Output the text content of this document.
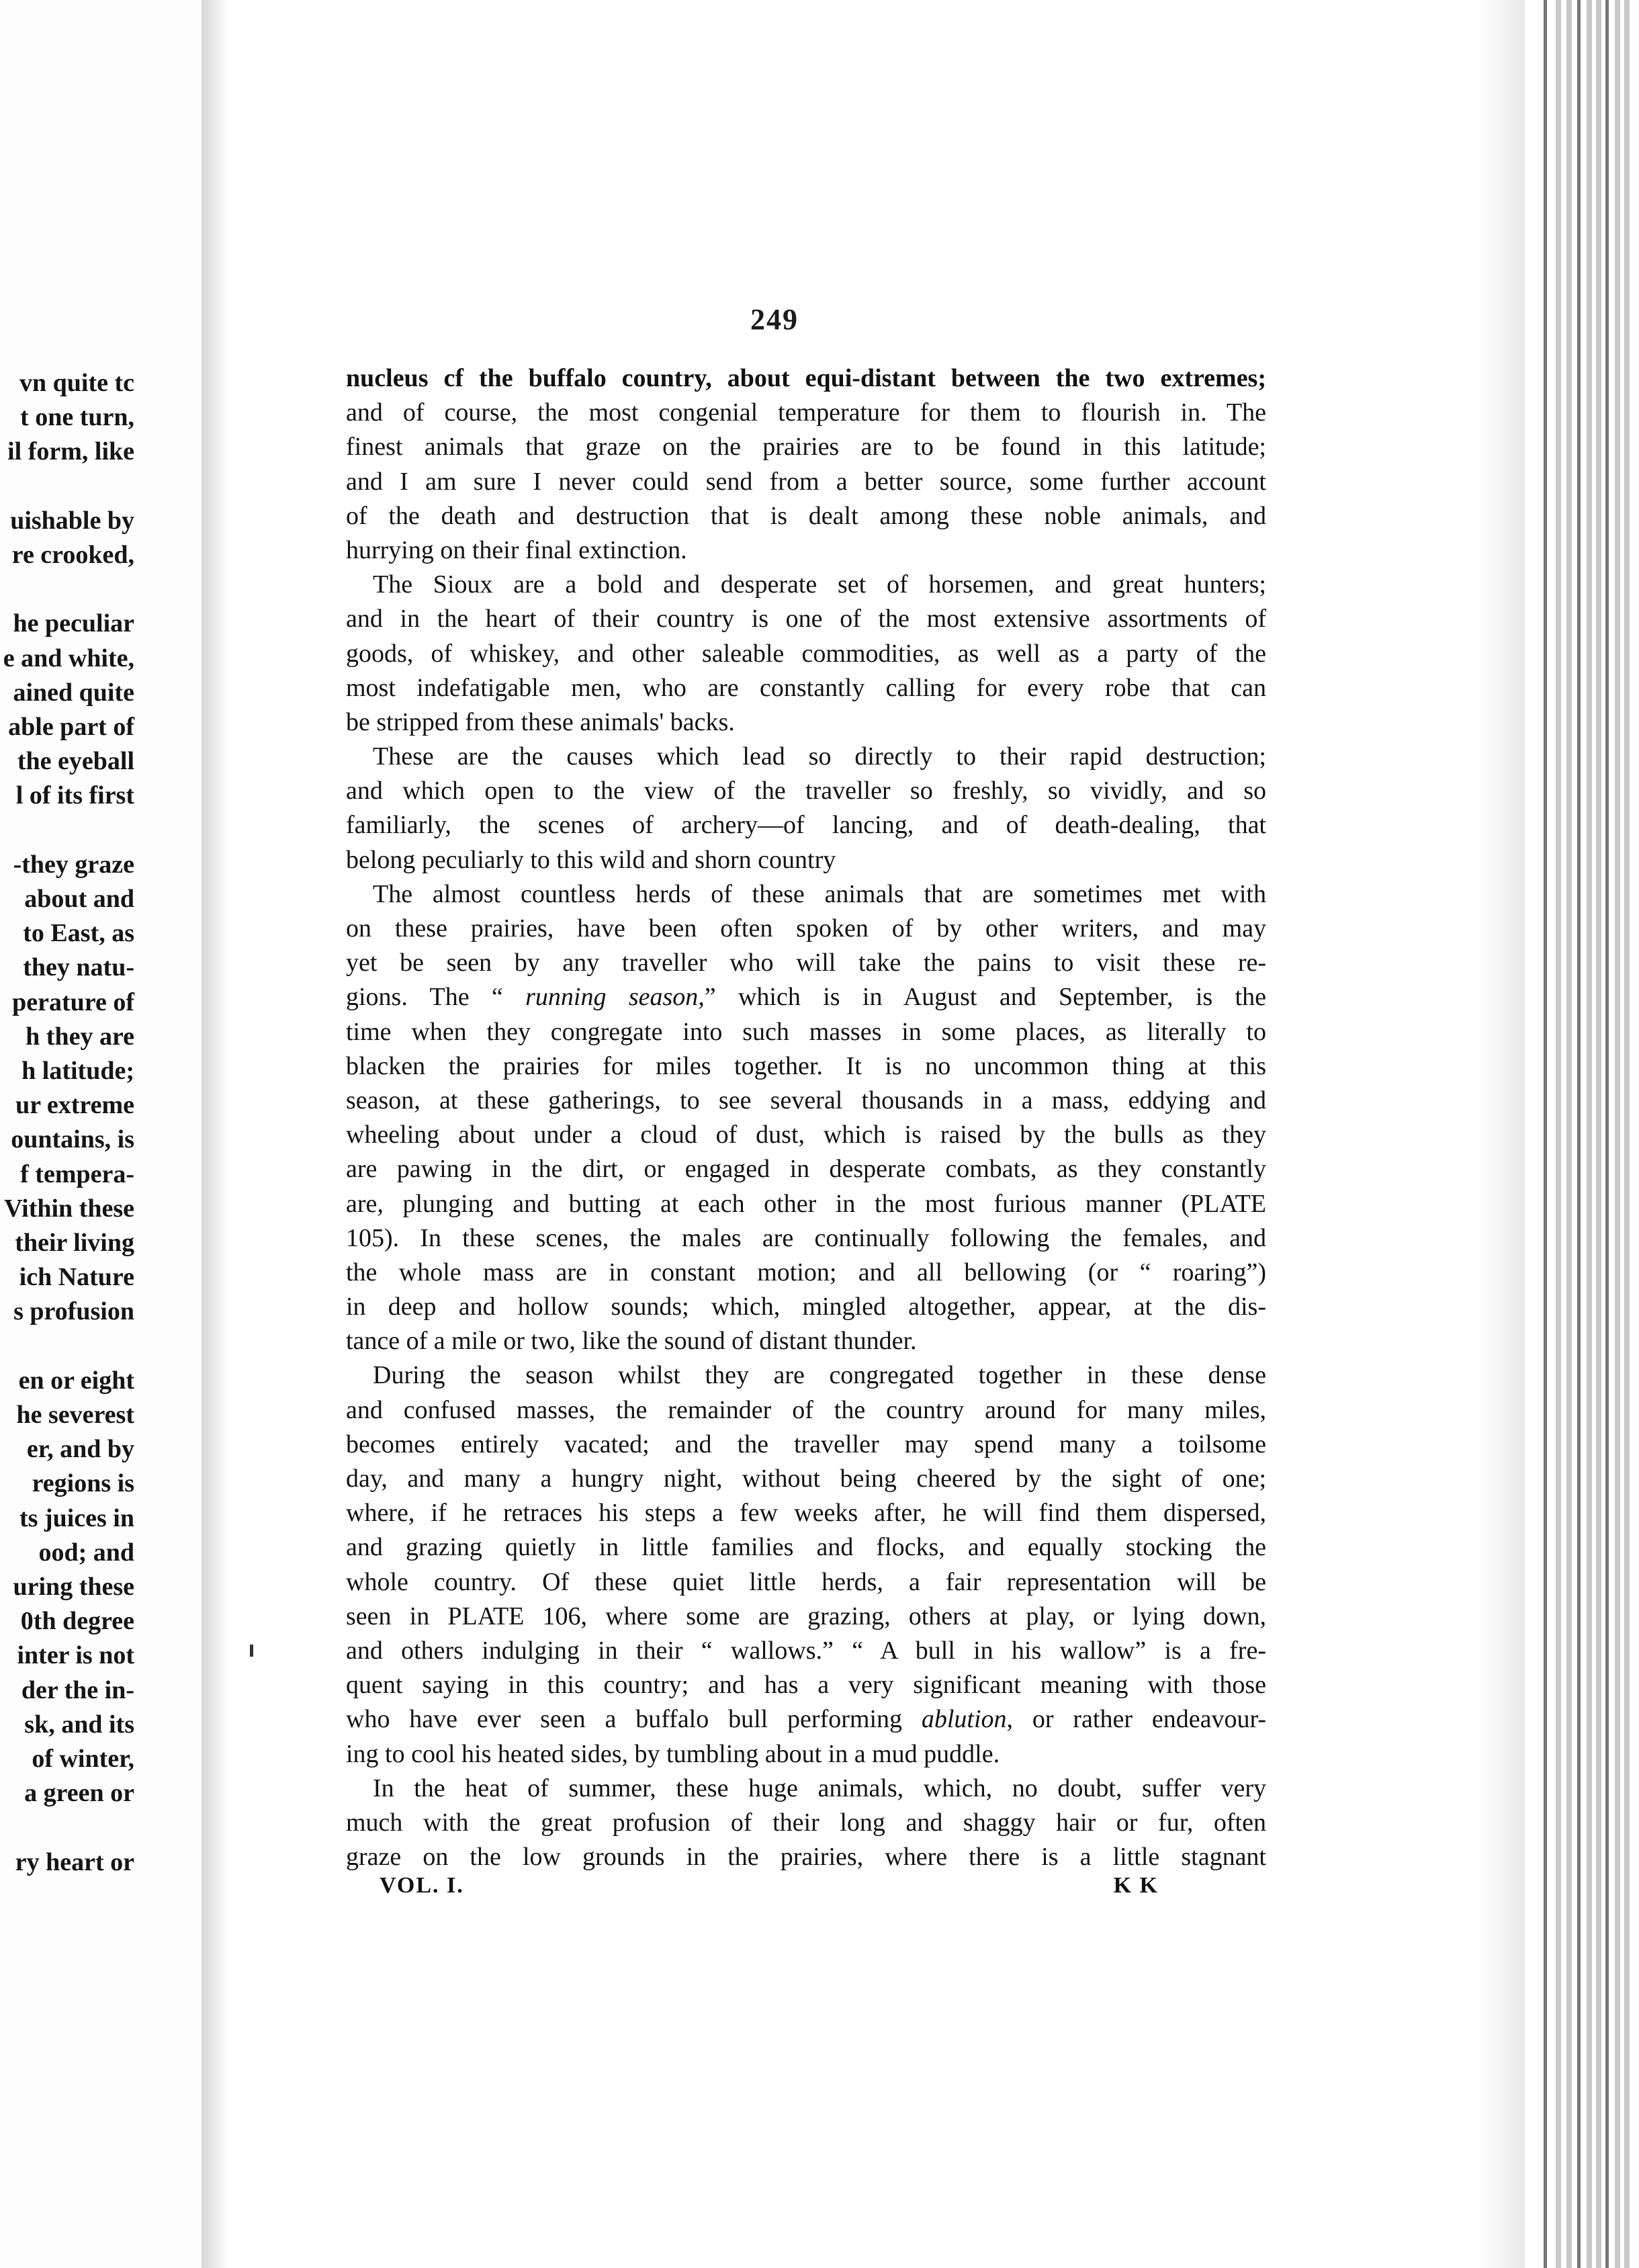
vn quite tc
t one turn,
il form, like
uishable by
re crooked,
he peculiar
e and white,
ained quite
able part of
the eyeball
l of its first
-they graze
about and
to East, as
they natu-
perature of
h they are
h latitude;
ur extreme
ountains, is
f tempera-
Vithin these
their living
ich Nature
s profusion
en or eight
he severest
er, and by
regions is
ts juices in
ood; and
uring these
0th degree
inter is not
der the in-
sk, and its
of winter,
a green or
ry heart or
249
nucleus cf the buffalo country, about equi-distant between the two extremes;
and of course, the most congenial temperature for them to flourish in. The
finest animals that graze on the prairies are to be found in this latitude;
and I am sure I never could send from a better source, some further account
of the death and destruction that is dealt among these noble animals, and
hurrying on their final extinction.
The Sioux are a bold and desperate set of horsemen, and great hunters;
and in the heart of their country is one of the most extensive assortments of
goods, of whiskey, and other saleable commodities, as well as a party of the
most indefatigable men, who are constantly calling for every robe that can
be stripped from these animals' backs.
These are the causes which lead so directly to their rapid destruction;
and which open to the view of the traveller so freshly, so vividly, and so
familiarly, the scenes of archery—of lancing, and of death-dealing, that
belong peculiarly to this wild and shorn country
The almost countless herds of these animals that are sometimes met with
on these prairies, have been often spoken of by other writers, and may
yet be seen by any traveller who will take the pains to visit these re-
gions. The “ running season,” which is in August and September, is the
time when they congregate into such masses in some places, as literally to
blacken the prairies for miles together. It is no uncommon thing at this
season, at these gatherings, to see several thousands in a mass, eddying and
wheeling about under a cloud of dust, which is raised by the bulls as they
are pawing in the dirt, or engaged in desperate combats, as they constantly
are, plunging and butting at each other in the most furious manner (PLATE
105). In these scenes, the males are continually following the females, and
the whole mass are in constant motion; and all bellowing (or “ roaring”)
in deep and hollow sounds; which, mingled altogether, appear, at the dis-
tance of a mile or two, like the sound of distant thunder.
During the season whilst they are congregated together in these dense
and confused masses, the remainder of the country around for many miles,
becomes entirely vacated; and the traveller may spend many a toilsome
day, and many a hungry night, without being cheered by the sight of one;
where, if he retraces his steps a few weeks after, he will find them dispersed,
and grazing quietly in little families and flocks, and equally stocking the
whole country. Of these quiet little herds, a fair representation will be
seen in PLATE 106, where some are grazing, others at play, or lying down,
and others indulging in their “ wallows.” “ A bull in his wallow” is a fre-
quent saying in this country; and has a very significant meaning with those
who have ever seen a buffalo bull performing ablution, or rather endeavour-
ing to cool his heated sides, by tumbling about in a mud puddle.
In the heat of summer, these huge animals, which, no doubt, suffer very
much with the great profusion of their long and shaggy hair or fur, often
graze on the low grounds in the prairies, where there is a little stagnant
VOL. I.	K K
